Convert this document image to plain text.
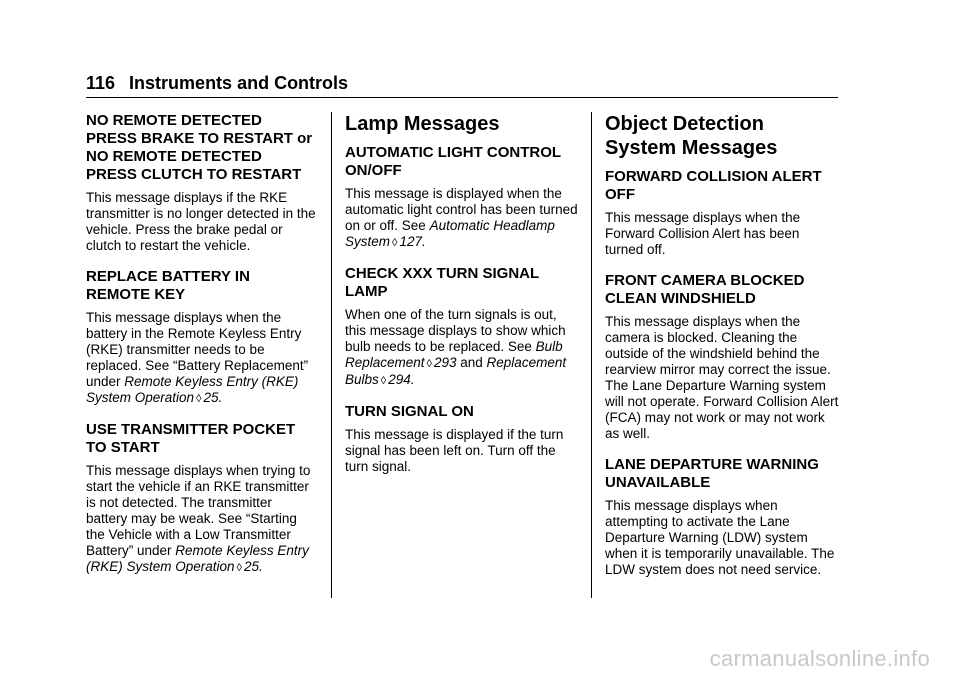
116 Instruments and Controls
NO REMOTE DETECTED PRESS BRAKE TO RESTART or NO REMOTE DETECTED PRESS CLUTCH TO RESTART

This message displays if the RKE transmitter is no longer detected in the vehicle. Press the brake pedal or clutch to restart the vehicle.

REPLACE BATTERY IN REMOTE KEY

This message displays when the battery in the Remote Keyless Entry (RKE) transmitter needs to be replaced. See “Battery Replacement” under Remote Keyless Entry (RKE) System Operation ◊ 25.

USE TRANSMITTER POCKET TO START

This message displays when trying to start the vehicle if an RKE transmitter is not detected. The transmitter battery may be weak. See “Starting the Vehicle with a Low Transmitter Battery” under Remote Keyless Entry (RKE) System Operation ◊ 25.

Lamp Messages
AUTOMATIC LIGHT CONTROL ON/OFF

This message is displayed when the automatic light control has been turned on or off. See Automatic Headlamp System ◊ 127.

CHECK XXX TURN SIGNAL LAMP

When one of the turn signals is out, this message displays to show which bulb needs to be replaced. See Bulb Replacement ◊ 293 and Replacement Bulbs ◊ 294.

TURN SIGNAL ON

This message is displayed if the turn signal has been left on. Turn off the turn signal.

Object Detection System Messages
FORWARD COLLISION ALERT OFF

This message displays when the Forward Collision Alert has been turned off.

FRONT CAMERA BLOCKED CLEAN WINDSHIELD

This message displays when the camera is blocked. Cleaning the outside of the windshield behind the rearview mirror may correct the issue. The Lane Departure Warning system will not operate. Forward Collision Alert (FCA) may not work or may not work as well.

LANE DEPARTURE WARNING UNAVAILABLE

This message displays when attempting to activate the Lane Departure Warning (LDW) system when it is temporarily unavailable. The LDW system does not need service.

carmanualsonline.info
